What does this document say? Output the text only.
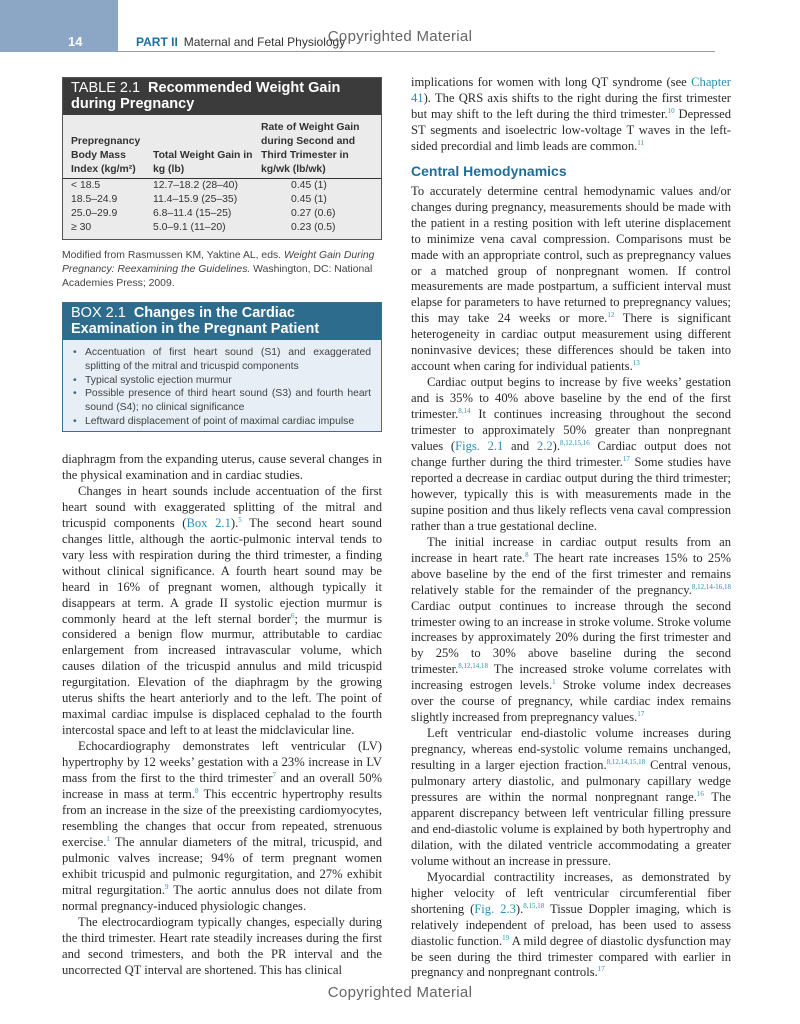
14	PART II Maternal and Fetal Physiology
Copyrighted Material
TABLE 2.1 Recommended Weight Gain during Pregnancy
Prepregnancy Body Mass Index (kg/m²)	Total Weight Gain in kg (lb)	Rate of Weight Gain during Second and Third Trimester in kg/wk (lb/wk)
< 18.5	12.7–18.2 (28–40)	0.45 (1)
18.5–24.9	11.4–15.9 (25–35)	0.45 (1)
25.0–29.9	6.8–11.4 (15–25)	0.27 (0.6)
≥ 30	5.0–9.1 (11–20)	0.23 (0.5)
Modified from Rasmussen KM, Yaktine AL, eds. Weight Gain During Pregnancy: Reexamining the Guidelines. Washington, DC: National Academies Press; 2009.
BOX 2.1 Changes in the Cardiac Examination in the Pregnant Patient
• Accentuation of first heart sound (S1) and exaggerated splitting of the mitral and tricuspid components
• Typical systolic ejection murmur
• Possible presence of third heart sound (S3) and fourth heart sound (S4); no clinical significance
• Leftward displacement of point of maximal cardiac impulse

diaphragm from the expanding uterus, cause several changes in the physical examination and in cardiac studies.

Changes in heart sounds include accentuation of the first heart sound with exaggerated splitting of the mitral and tricuspid components (Box 2.1).$^5$ The second heart sound changes little, although the aortic-pulmonic interval tends to vary less with respiration during the third trimester, a finding without clinical significance. A fourth heart sound may be heard in 16% of pregnant women, although typically it disappears at term. A grade II systolic ejection murmur is commonly heard at the left sternal border$^6$; the murmur is considered a benign flow murmur, attributable to cardiac enlargement from increased intravascular volume, which causes dilation of the tricuspid annulus and mild tricuspid regurgitation. Elevation of the diaphragm by the growing uterus shifts the heart anteriorly and to the left. The point of maximal cardiac impulse is displaced cephalad to the fourth intercostal space and left to at least the midclavicular line.

Echocardiography demonstrates left ventricular (LV) hypertrophy by 12 weeks’ gestation with a 23% increase in LV mass from the first to the third trimester$^7$ and an overall 50% increase in mass at term.$^8$ This eccentric hypertrophy results from an increase in the size of the preexisting cardiomyocytes, resembling the changes that occur from repeated, strenuous exercise.$^1$ The annular diameters of the mitral, tricuspid, and pulmonic valves increase; 94% of term pregnant women exhibit tricuspid and pulmonic regurgitation, and 27% exhibit mitral regurgitation.$^9$ The aortic annulus does not dilate from normal pregnancy-induced physiologic changes.

The electrocardiogram typically changes, especially during the third trimester. Heart rate steadily increases during the first and second trimesters, and both the PR interval and the uncorrected QT interval are shortened. This has clinical

implications for women with long QT syndrome (see Chapter 41). The QRS axis shifts to the right during the first trimester but may shift to the left during the third trimester.$^{10}$ Depressed ST segments and isoelectric low-voltage T waves in the left-sided precordial and limb leads are common.$^{11}$

Central Hemodynamics

To accurately determine central hemodynamic values and/or changes during pregnancy, measurements should be made with the patient in a resting position with left uterine displacement to minimize vena caval compression. Comparisons must be made with an appropriate control, such as prepregnancy values or a matched group of nonpregnant women. If control measurements are made postpartum, a sufficient interval must elapse for parameters to have returned to prepregnancy values; this may take 24 weeks or more.$^{12}$ There is significant heterogeneity in cardiac output measurement using different noninvasive devices; these differences should be taken into account when caring for individual patients.$^{13}$

Cardiac output begins to increase by five weeks’ gestation and is 35% to 40% above baseline by the end of the first trimester.$^{8,14}$ It continues increasing throughout the second trimester to approximately 50% greater than nonpregnant values (Figs. 2.1 and 2.2).$^{8,12,15,16}$ Cardiac output does not change further during the third trimester.$^{17}$ Some studies have reported a decrease in cardiac output during the third trimester; however, typically this is with measurements made in the supine position and thus likely reflects vena caval compression rather than a true gestational decline.

The initial increase in cardiac output results from an increase in heart rate.$^8$ The heart rate increases 15% to 25% above baseline by the end of the first trimester and remains relatively stable for the remainder of the pregnancy.$^{8,12,14-16,18}$ Cardiac output continues to increase through the second trimester owing to an increase in stroke volume. Stroke volume increases by approximately 20% during the first trimester and by 25% to 30% above baseline during the second trimester.$^{8,12,14,18}$ The increased stroke volume correlates with increasing estrogen levels.$^1$ Stroke volume index decreases over the course of pregnancy, while cardiac index remains slightly increased from prepregnancy values.$^{17}$

Left ventricular end-diastolic volume increases during pregnancy, whereas end-systolic volume remains unchanged, resulting in a larger ejection fraction.$^{8,12,14,15,18}$ Central venous, pulmonary artery diastolic, and pulmonary capillary wedge pressures are within the normal nonpregnant range.$^{16}$ The apparent discrepancy between left ventricular filling pressure and end-diastolic volume is explained by both hypertrophy and dilation, with the dilated ventricle accommodating a greater volume without an increase in pressure.

Myocardial contractility increases, as demonstrated by higher velocity of left ventricular circumferential fiber shortening (Fig. 2.3).$^{8,15,18}$ Tissue Doppler imaging, which is relatively independent of preload, has been used to assess diastolic function.$^{19}$ A mild degree of diastolic dysfunction may be seen during the third trimester compared with earlier in pregnancy and nonpregnant controls.$^{17}$

Copyrighted Material
